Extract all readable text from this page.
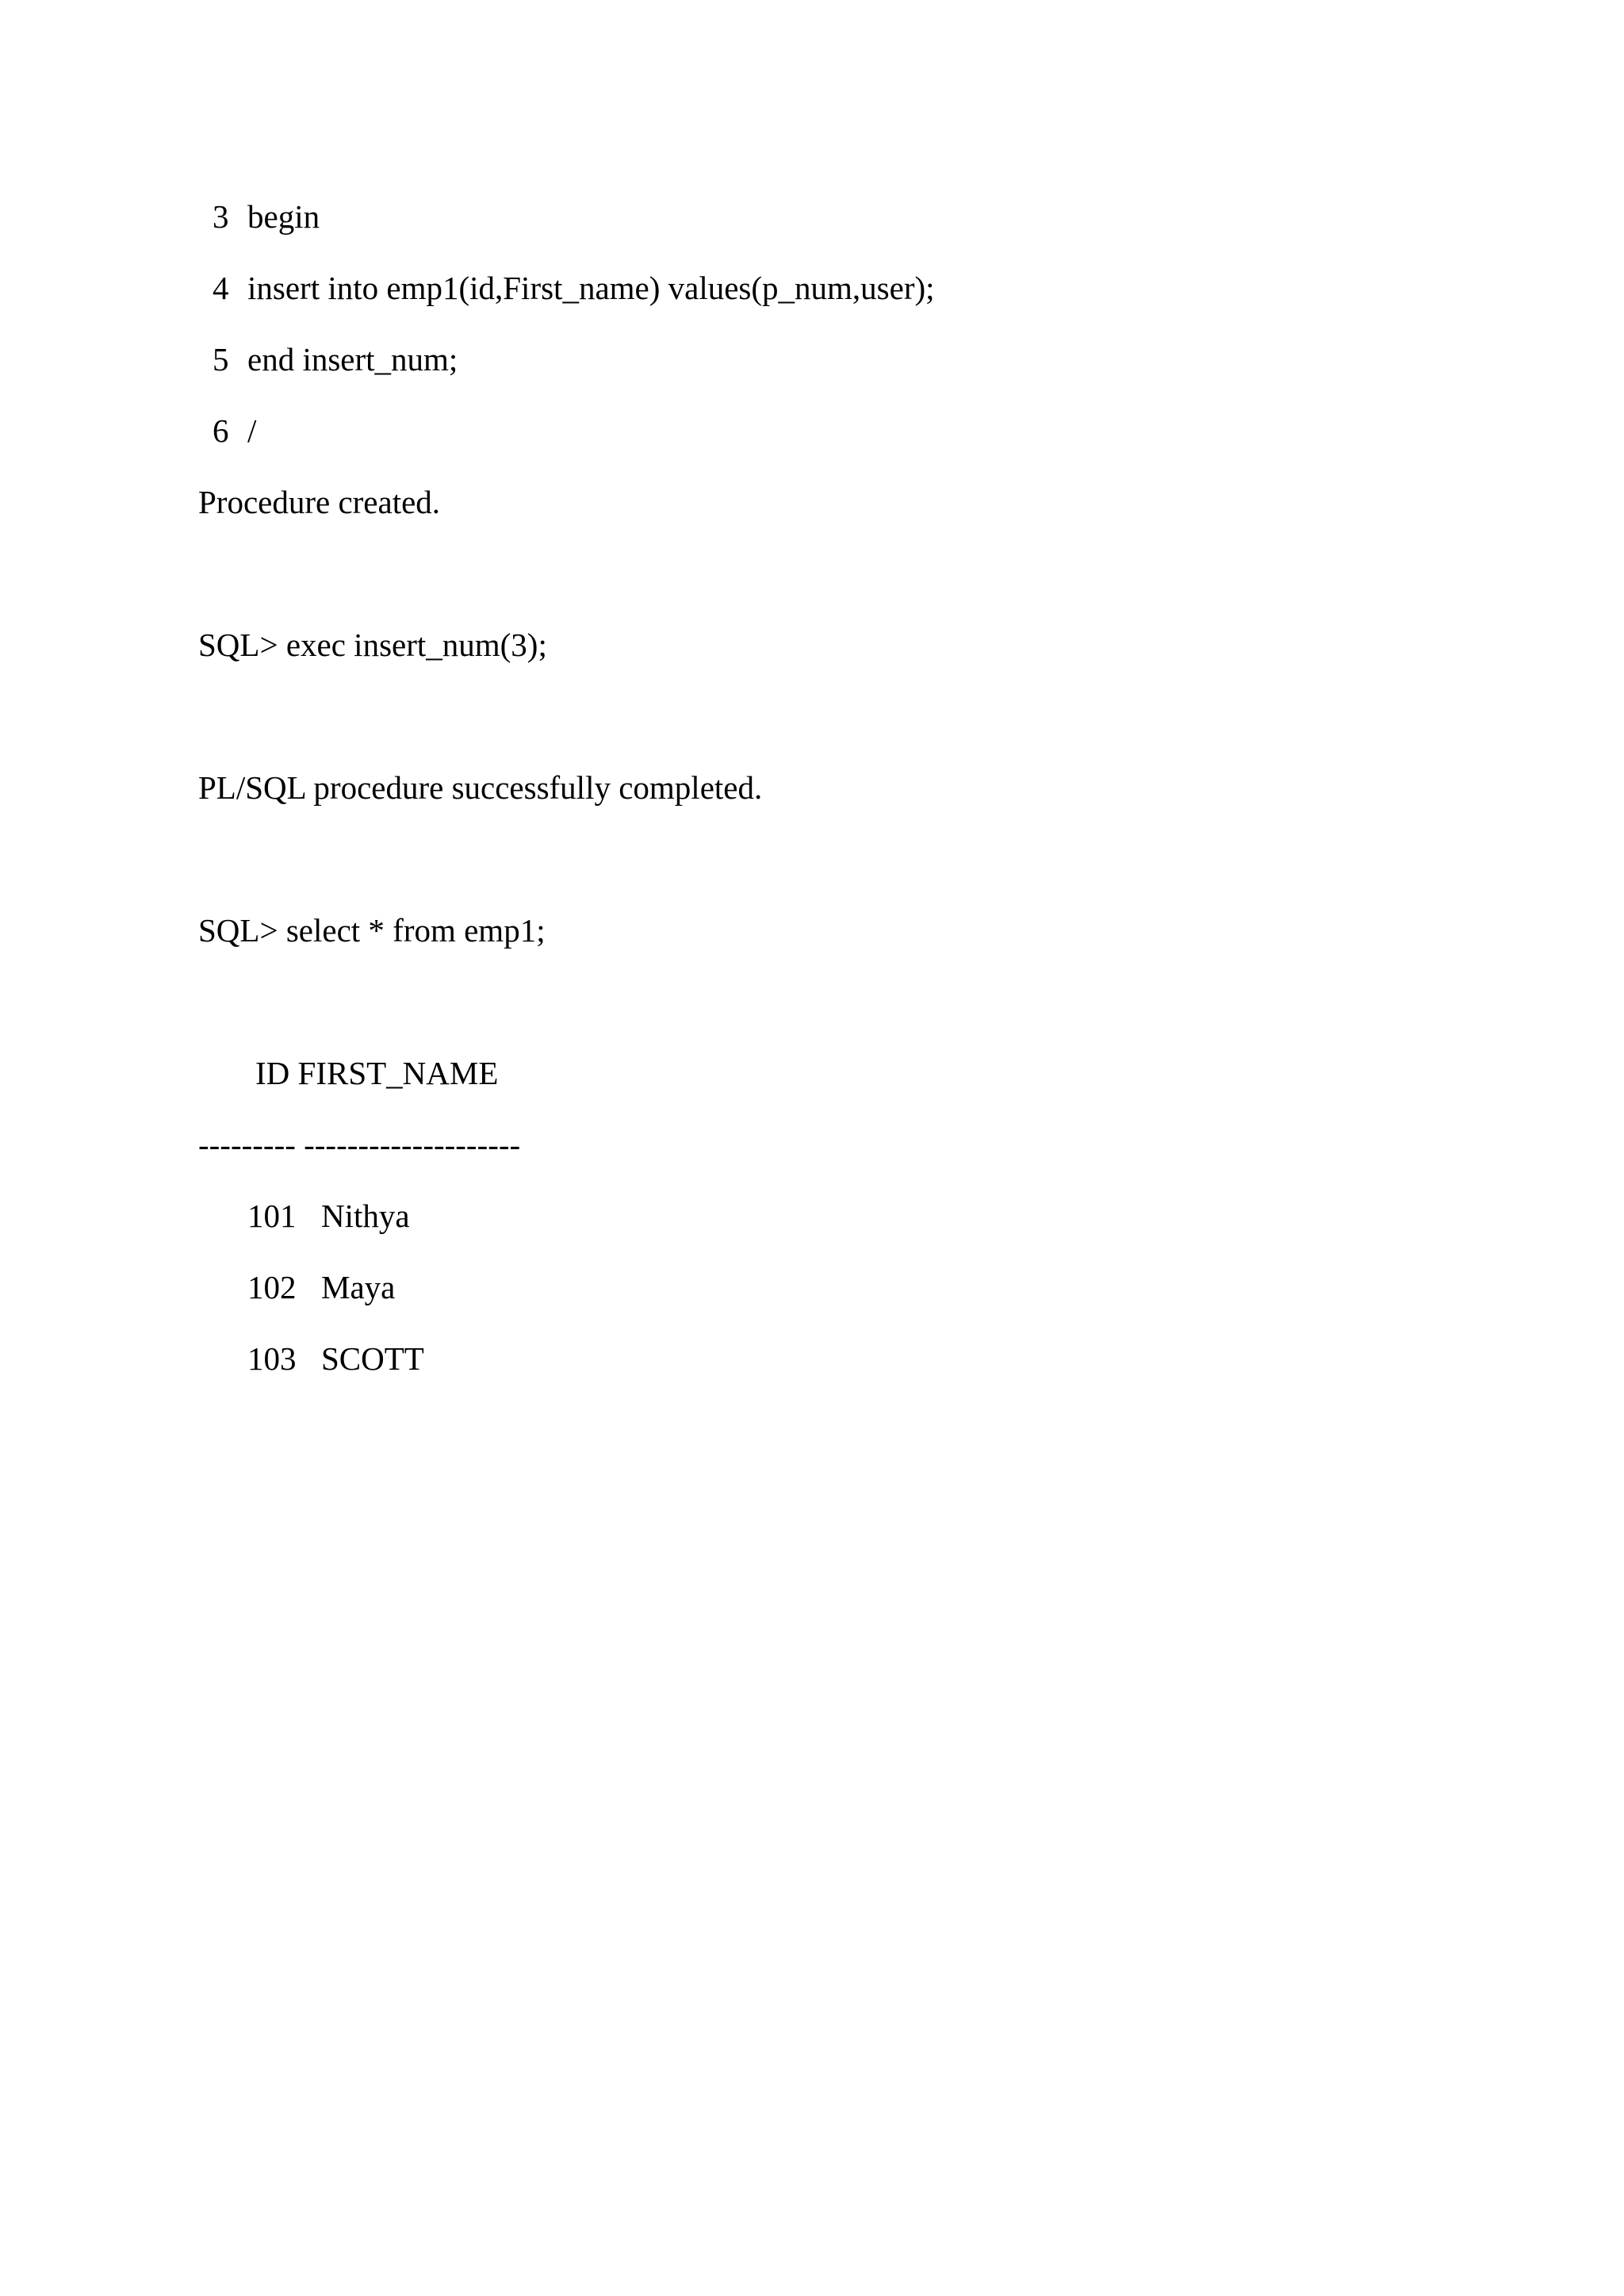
3 begin
4 insert into emp1(id,First_name) values(p_num,user);
5 end insert_num;
6 /

Procedure created.

SQL> exec insert_num(3);

PL/SQL procedure successfully completed.

SQL> select * from emp1;

ID FIRST_NAME

--------- --------------------

101 Nithya
102 Maya
103 SCOTT
